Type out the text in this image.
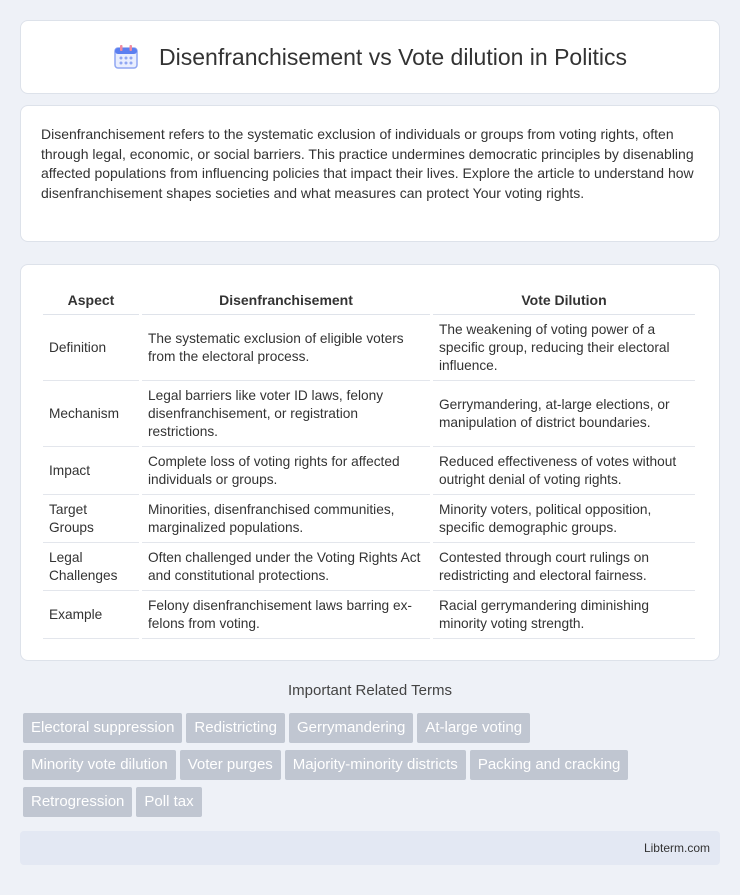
Disenfranchisement vs Vote dilution in Politics

Disenfranchisement refers to the systematic exclusion of individuals or groups from voting rights, often through legal, economic, or social barriers. This practice undermines democratic principles by disenabling affected populations from influencing policies that impact their lives. Explore the article to understand how disenfranchisement shapes societies and what measures can protect Your voting rights.

Aspect	Disenfranchisement	Vote Dilution
Definition	The systematic exclusion of eligible voters from the electoral process.	The weakening of voting power of a specific group, reducing their electoral influence.
Mechanism	Legal barriers like voter ID laws, felony disenfranchisement, or registration restrictions.	Gerrymandering, at-large elections, or manipulation of district boundaries.
Impact	Complete loss of voting rights for affected individuals or groups.	Reduced effectiveness of votes without outright denial of voting rights.
Target Groups	Minorities, disenfranchised communities, marginalized populations.	Minority voters, political opposition, specific demographic groups.
Legal Challenges	Often challenged under the Voting Rights Act and constitutional protections.	Contested through court rulings on redistricting and electoral fairness.
Example	Felony disenfranchisement laws barring ex-felons from voting.	Racial gerrymandering diminishing minority voting strength.
Important Related Terms
Electoral suppression Redistricting Gerrymandering At-large voting
Minority vote dilution Voter purges Majority-minority districts Packing and cracking
Retrogression Poll tax
Libterm.com
